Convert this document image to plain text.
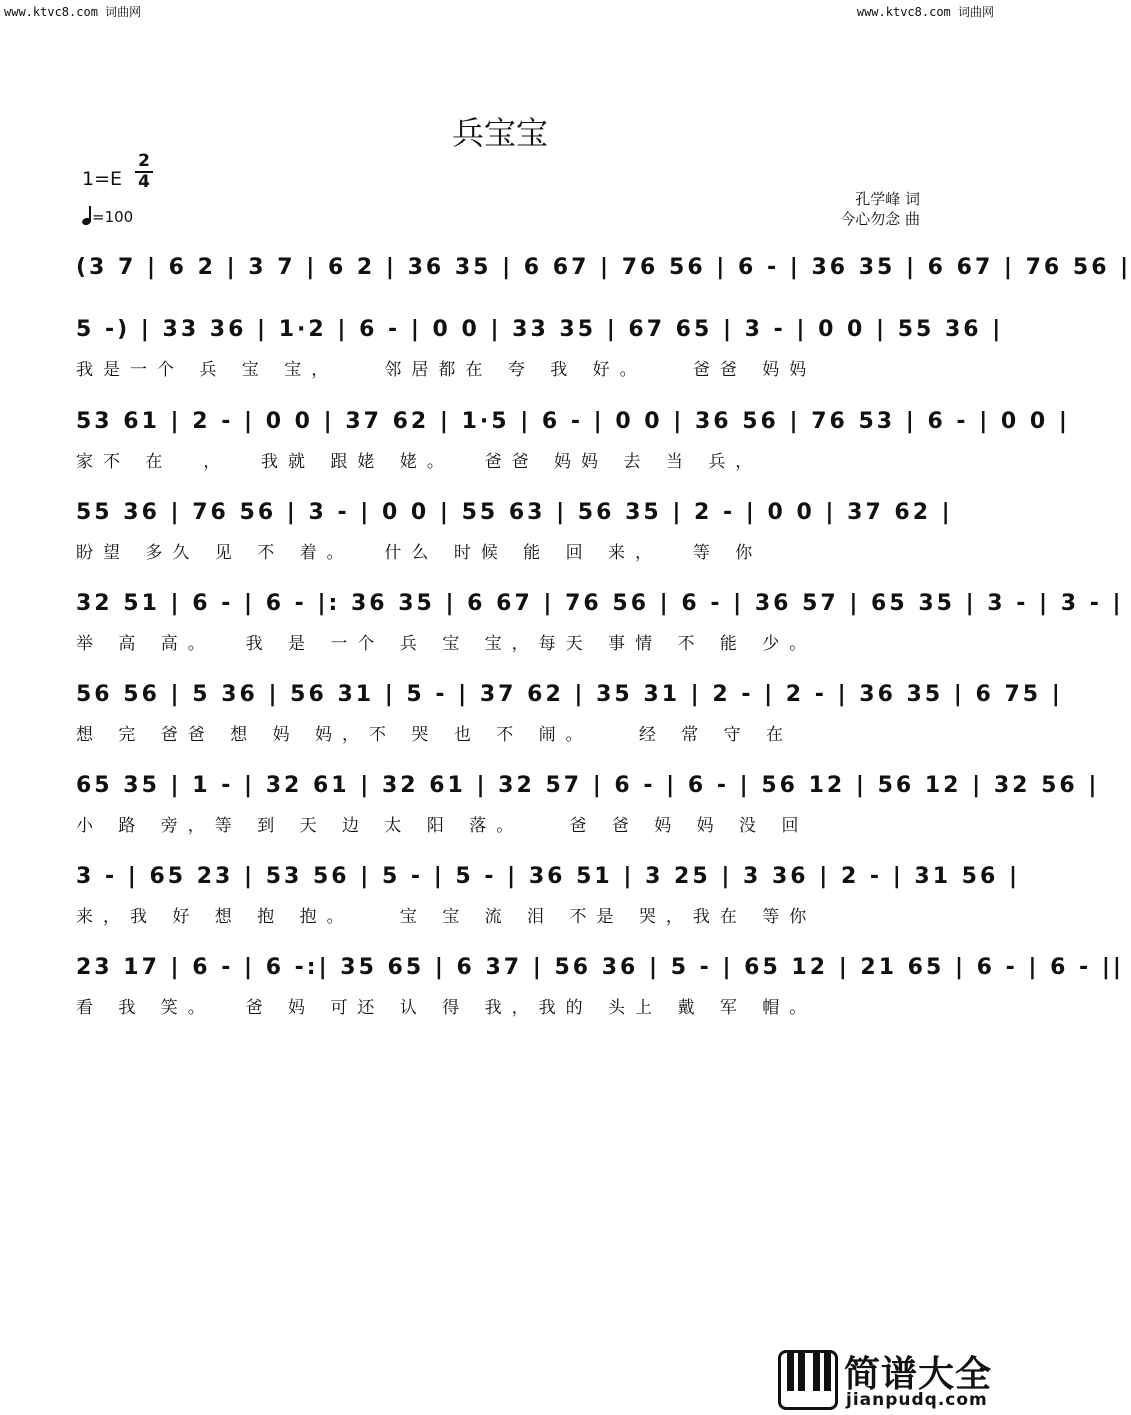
www.ktvc8.com 词曲网	www.ktvc8.com 词曲网
兵宝宝
1=E
2
4
=100
孔学峰 词
今心勿念 曲
(3 7 | 6 2 | 3 7 | 6 2 | 36 35 | 6 67 | 76 56 | 6 - | 36 35 | 6 67 | 76 56 |
5 -) | 33 36 | 1·2 | 6 - | 0 0 | 33 35 | 67 65 | 3 - | 0 0 | 55 36 |
我是一个 兵 宝 宝，   邻居都在 夸 我 好。   爸爸 妈妈
53 61 | 2 - | 0 0 | 37 62 | 1·5 | 6 - | 0 0 | 36 56 | 76 53 | 6 - | 0 0 |
家不 在  ，  我就 跟姥 姥。  爸爸 妈妈 去 当 兵，
55 36 | 76 56 | 3 - | 0 0 | 55 63 | 56 35 | 2 - | 0 0 | 37 62 |
盼望 多久 见 不 着。  什么 时候 能 回 来，  等 你
32 51 | 6 - | 6 - |: 36 35 | 6 67 | 76 56 | 6 - | 36 57 | 65 35 | 3 - | 3 - |
举 高 高。  我 是 一个 兵 宝 宝，每天 事情 不 能 少。
56 56 | 5 36 | 56 31 | 5 - | 37 62 | 35 31 | 2 - | 2 - | 36 35 | 6 75 |
想 完 爸爸 想 妈 妈，不 哭 也 不 闹。   经 常 守 在
65 35 | 1 - | 32 61 | 32 61 | 32 57 | 6 - | 6 - | 56 12 | 56 12 | 32 56 |
小 路 旁，等 到 天 边 太 阳 落。   爸 爸 妈 妈 没 回
3 - | 65 23 | 53 56 | 5 - | 5 - | 36 51 | 3 25 | 3 36 | 2 - | 31 56 |
来，我 好 想 抱 抱。   宝 宝 流 泪 不是 哭，我在 等你
23 17 | 6 - | 6 -:| 35 65 | 6 37 | 56 36 | 5 - | 65 12 | 21 65 | 6 - | 6 - ||
看 我 笑。  爸 妈 可还 认 得 我，我的 头上 戴 军 帽。
简谱大全
jianpudq.com
